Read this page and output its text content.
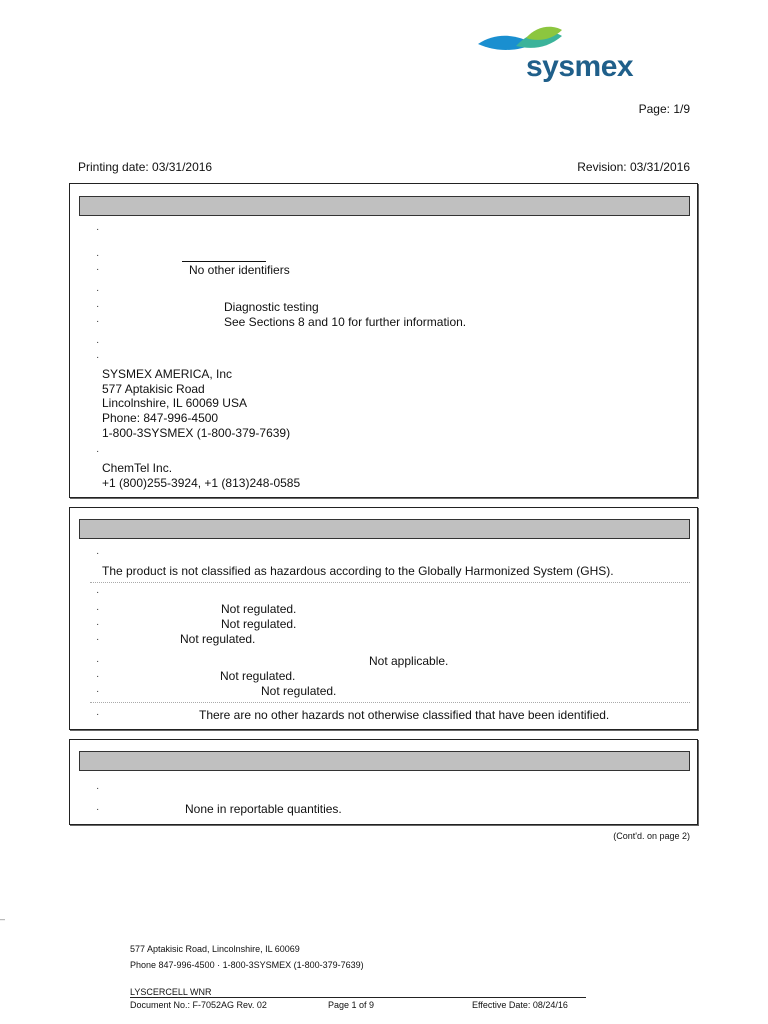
sysmex
Page: 1/9
Printing date: 03/31/2016	Revision: 03/31/2016
·
·
·	No other identifiers
·
·	Diagnostic testing
·	See Sections 8 and 10 for further information.
·
·
SYSMEX AMERICA, Inc
577 Aptakisic Road
Lincolnshire, IL 60069 USA
Phone: 847-996-4500
1-800-3SYSMEX (1-800-379-7639)
·
ChemTel Inc.
+1 (800)255-3924, +1 (813)248-0585
·
The product is not classified as hazardous according to the Globally Harmonized System (GHS).
·
·	Not regulated.
·	Not regulated.
·	Not regulated.
·	Not applicable.
·	Not regulated.
·	Not regulated.
·	There are no other hazards not otherwise classified that have been identified.
·
·	None in reportable quantities.
(Cont'd. on page 2)
–
577 Aptakisic Road, Lincolnshire, IL 60069
Phone 847-996-4500 · 1-800-3SYSMEX (1-800-379-7639)
LYSCERCELL WNR
Document No.: F-7052AG Rev. 02	Page 1 of 9	Effective Date: 08/24/16
